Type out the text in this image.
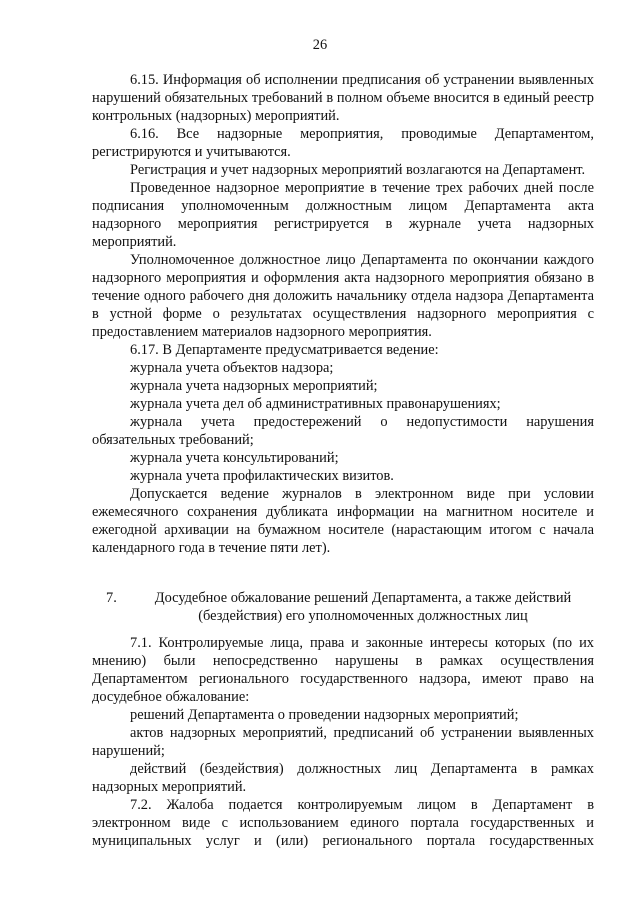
26

6.15. Информация об исполнении предписания об устранении выявленных нарушений обязательных требований в полном объеме вносится в единый реестр контрольных (надзорных) мероприятий.

6.16. Все надзорные мероприятия, проводимые Департаментом, регистрируются и учитываются.

Регистрация и учет надзорных мероприятий возлагаются на Департамент.

Проведенное надзорное мероприятие в течение трех рабочих дней после подписания уполномоченным должностным лицом Департамента акта надзорного мероприятия регистрируется в журнале учета надзорных мероприятий.

Уполномоченное должностное лицо Департамента по окончании каждого надзорного мероприятия и оформления акта надзорного мероприятия обязано в течение одного рабочего дня доложить начальнику отдела надзора Департамента в устной форме о результатах осуществления надзорного мероприятия с предоставлением материалов надзорного мероприятия.

6.17. В Департаменте предусматривается ведение:

журнала учета объектов надзора;

журнала учета надзорных мероприятий;

журнала учета дел об административных правонарушениях;

журнала учета предостережений о недопустимости нарушения обязательных требований;

журнала учета консультирований;

журнала учета профилактических визитов.

Допускается ведение журналов в электронном виде при условии ежемесячного сохранения дубликата информации на магнитном носителе и ежегодной архивации на бумажном носителе (нарастающим итогом с начала календарного года в течение пяти лет).

7.	Досудебное обжалование решений Департамента, а также действий (бездействия) его уполномоченных должностных лиц

7.1. Контролируемые лица, права и законные интересы которых (по их мнению) были непосредственно нарушены в рамках осуществления Департаментом регионального государственного надзора, имеют право на досудебное обжалование:

решений Департамента о проведении надзорных мероприятий;

актов надзорных мероприятий, предписаний об устранении выявленных нарушений;

действий (бездействия) должностных лиц Департамента в рамках надзорных мероприятий.

7.2. Жалоба подается контролируемым лицом в Департамент в электронном виде с использованием единого портала государственных и муниципальных услуг и (или) регионального портала государственных
